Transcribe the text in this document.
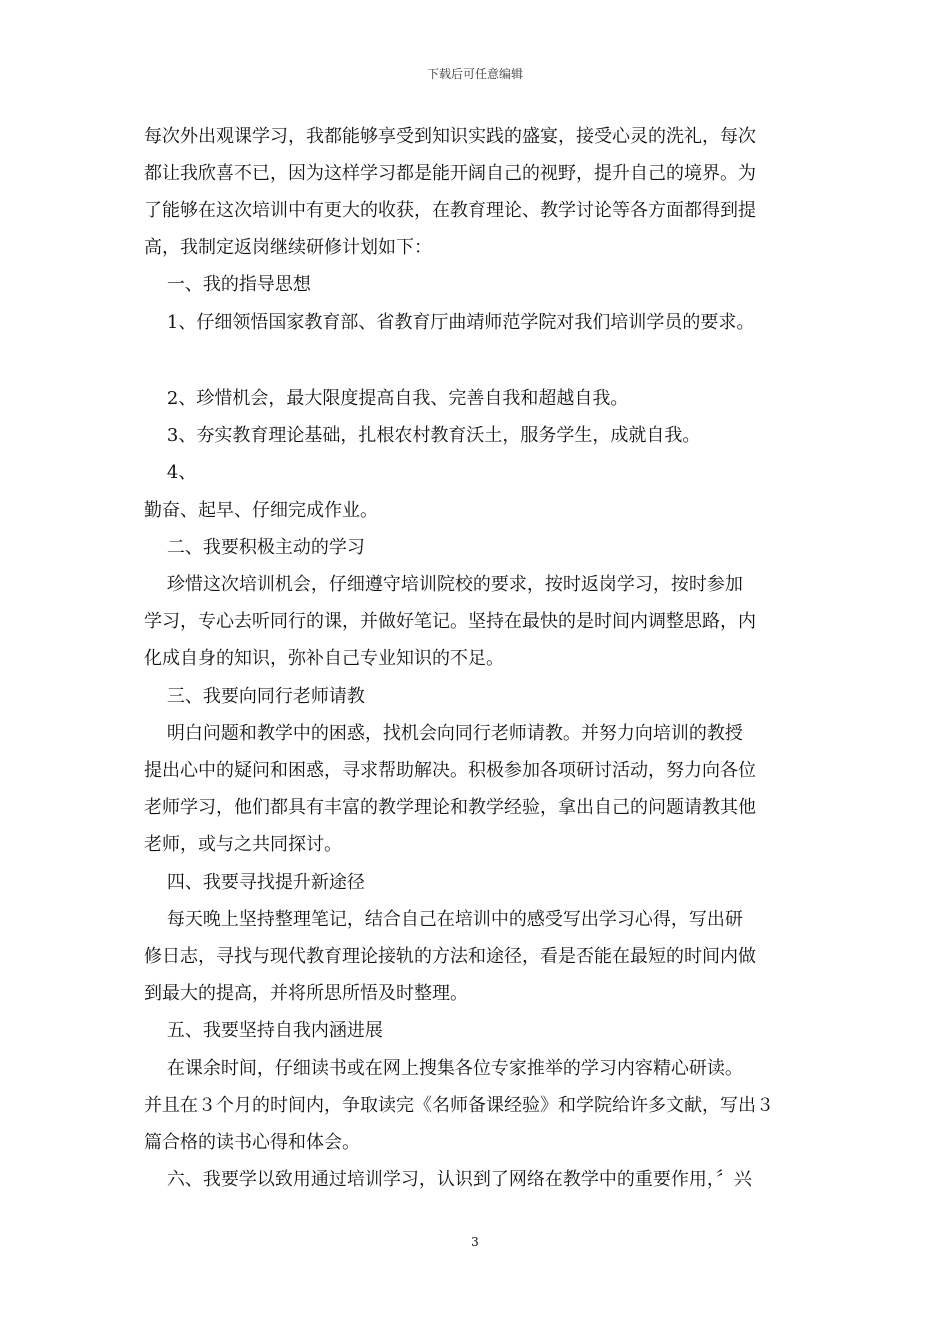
下载后可任意编辑
每次外出观课学习，我都能够享受到知识实践的盛宴，接受心灵的洗礼，每次
都让我欣喜不已，因为这样学习都是能开阔自己的视野，提升自己的境界。为
了能够在这次培训中有更大的收获，在教育理论、教学讨论等各方面都得到提
高，我制定返岗继续研修计划如下：
一、我的指导思想
1、仔细领悟国家教育部、省教育厅曲靖师范学院对我们培训学员的要求。
2、珍惜机会，最大限度提高自我、完善自我和超越自我。
3、夯实教育理论基础，扎根农村教育沃土，服务学生，成就自我。
4、
勤奋、起早、仔细完成作业。
二、我要积极主动的学习
珍惜这次培训机会，仔细遵守培训院校的要求，按时返岗学习，按时参加
学习，专心去听同行的课，并做好笔记。坚持在最快的是时间内调整思路，内
化成自身的知识，弥补自己专业知识的不足。
三、我要向同行老师请教
明白问题和教学中的困惑，找机会向同行老师请教。并努力向培训的教授
提出心中的疑问和困惑，寻求帮助解决。积极参加各项研讨活动，努力向各位
老师学习，他们都具有丰富的教学理论和教学经验，拿出自己的问题请教其他
老师，或与之共同探讨。
四、我要寻找提升新途径
每天晚上坚持整理笔记，结合自己在培训中的感受写出学习心得，写出研
修日志，寻找与现代教育理论接轨的方法和途径，看是否能在最短的时间内做
到最大的提高，并将所思所悟及时整理。
五、我要坚持自我内涵进展
在课余时间，仔细读书或在网上搜集各位专家推举的学习内容精心研读。
并且在３个月的时间内，争取读完《名师备课经验》和学院给许多文献，写出３
篇合格的读书心得和体会。
六、我要学以致用通过培训学习，认识到了网络在教学中的重要作用，〞兴
3
